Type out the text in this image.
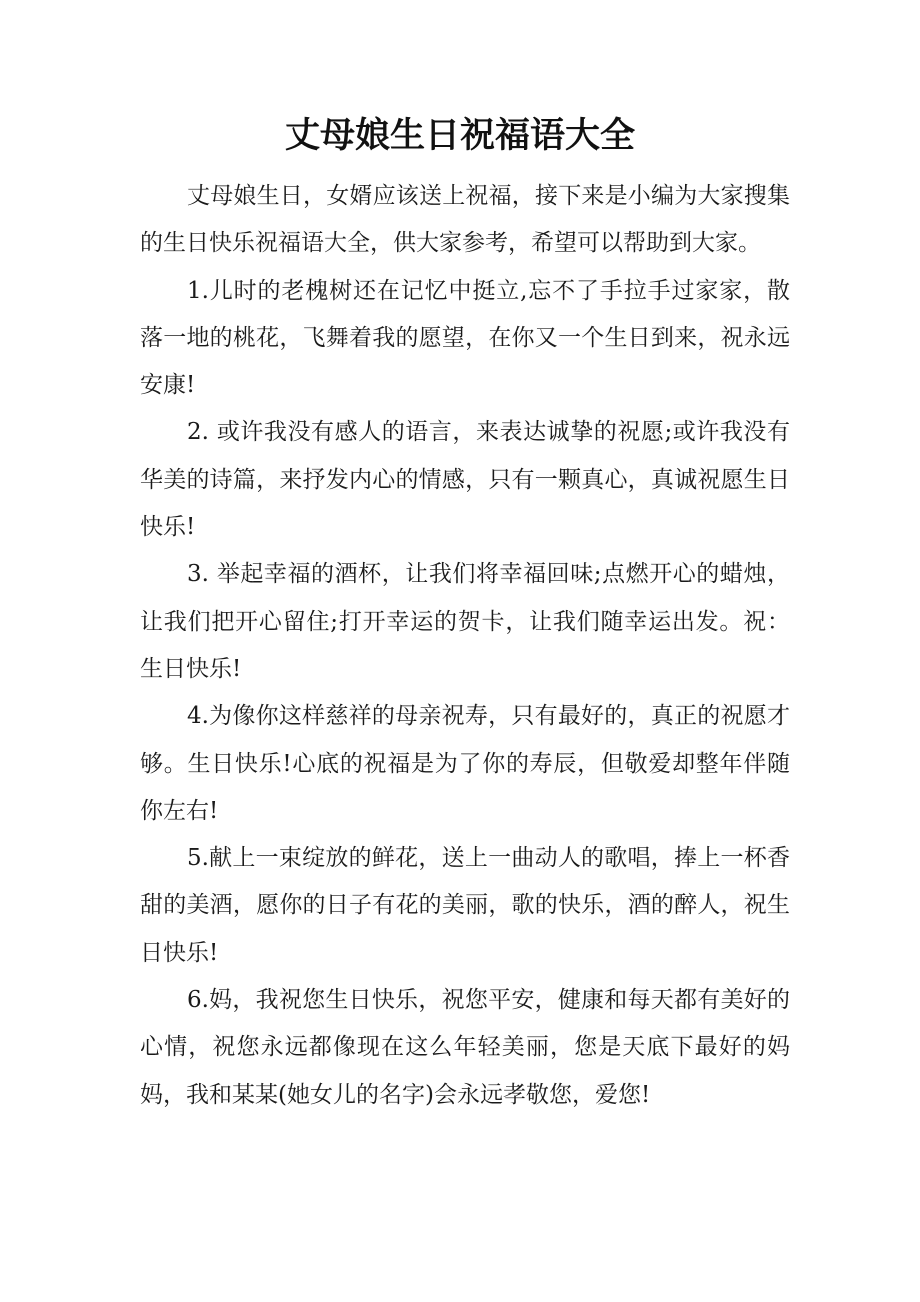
丈母娘生日祝福语大全

丈母娘生日，女婿应该送上祝福，接下来是小编为大家搜集的生日快乐祝福语大全，供大家参考，希望可以帮助到大家。

1.儿时的老槐树还在记忆中挺立,忘不了手拉手过家家，散落一地的桃花，飞舞着我的愿望，在你又一个生日到来，祝永远安康!

2. 或许我没有感人的语言，来表达诚挚的祝愿;或许我没有华美的诗篇，来抒发内心的情感，只有一颗真心，真诚祝愿生日快乐!

3. 举起幸福的酒杯，让我们将幸福回味;点燃开心的蜡烛，让我们把开心留住;打开幸运的贺卡，让我们随幸运出发。祝：生日快乐!

4.为像你这样慈祥的母亲祝寿，只有最好的，真正的祝愿才够。生日快乐!心底的祝福是为了你的寿辰，但敬爱却整年伴随你左右!

5.献上一束绽放的鲜花，送上一曲动人的歌唱，捧上一杯香甜的美酒，愿你的日子有花的美丽，歌的快乐，酒的醉人，祝生日快乐!

6.妈，我祝您生日快乐，祝您平安，健康和每天都有美好的心情，祝您永远都像现在这么年轻美丽，您是天底下最好的妈妈，我和某某(她女儿的名字)会永远孝敬您，爱您!
